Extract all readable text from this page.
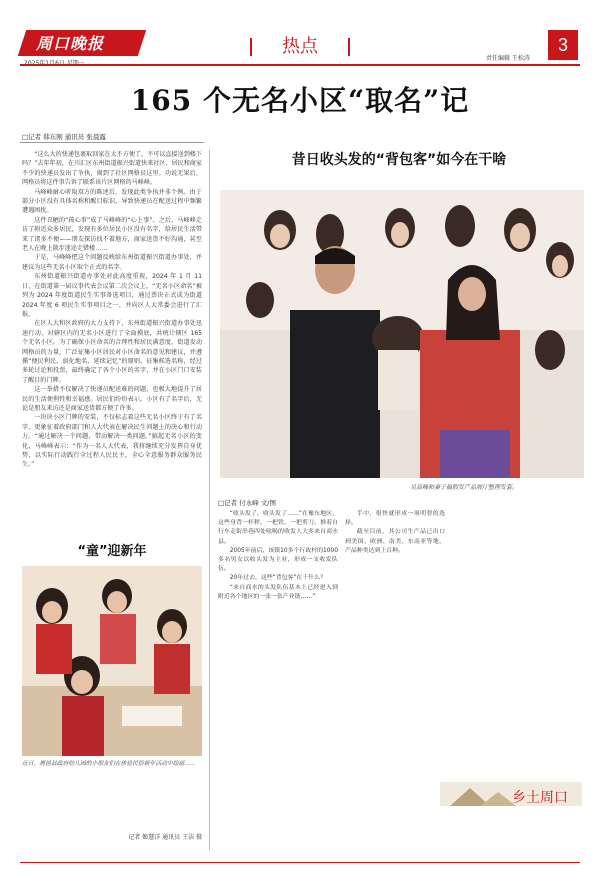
周口晚报	热点
责任编辑 王松涛
3
165 个无名小区“取名”记
□记者 韩东刚 通讯员 张晨露

“这么大的快递包裹取回家在太不方便了，不可以直接送到楼下吗？”去年年初，在川汇区东州街道振兴街道快来社区，居民和商家不少的快递员发出了争执，闹到了社区网格员这里。功说无果后，网格员将这件事告诉了联系该片区网格的马峰峰。

马峰峰耐心听取双方的陈述后，发现此类争执并非个例。由于部分小区没有具体名称和醒目标识，导致快递员在配送过程中频繁遭遇困扰。

这件丑陋的“疏心事”成了马峰峰的“心上事”。之后，马峰峰走访了附近众多居民，发现有多位居民小区没有名字，给居民生活带来了诸多不便——朋友探访找不着地方，商家送货不好沟通，甚至老人在晚上散步迷途走错楼……

于是，马峰峰把这个问题反映给东州街道振兴街道办事处，并建议为这些无名小区取个正式的名字。

东州街道振兴街道办事处对此高度重视，2024 年 1 月 11 日，在街道第一届议事代表会议第二次会议上，“无名小区命名”被列为 2024 年度街道民生实事备选项目，通过票决正式成为街道 2024 年度 6 项民生实事项目之一，并向区人大常委会进行了汇报。

在区人大和区政府的大力支持下，东州街道振兴街道办事处迅速行动，对辖区内的无名小区进行了全面摸底，共统计辖区 165 个无名小区。为了确保小区命名的合理性和居民满意度，街道发动网格员的力量，广泛征集小区居民对小区命名的意见和建议，并遵循“便民利民、弱化地名、延续记忆”的原则，征集候选名称，经过多轮讨论和投票，最终确定了各个小区的名字，并在小区门口安装了醒目的门牌。

这一举措不仅解决了快递员配送难的问题，也极大地提升了居民的生活便利性和幸福感。居民们纷纷表示，小区有了名字后，无论是朋友来访还是商家送货都方便了许多。

一块块小区门牌的安装，不仅标志着这些无名小区终于有了名字，更象征着政府部门和人大代表在解决民生问题上的决心和行动力。“通过解决一个问题，带动解决一类问题。”搞起无名小区的变化，马峰峰表示：“作为一名人大代表，我将继续充分发挥自身优势，以实际行动践行全过程人民民主，全心全意服务群众服务民生。”

昔日收头发的“背包客”如今在干啥
吴高峰和妻子搞假发产品展厅整理发套。
“童”迎新年
近日，鹿邑县政府幼儿园的小朋友们在体验民俗新年活动中绘画……
记者 姬慧洋 通讯员 王洁 摄
□记者 付永峰 文/图

“收头发了，收头发了……”在豫东地区，这些身背一杆秤、一把铁、一把剪刀，推着自行车走街串巷四处吆喝的收发人大多来自商水县。

2005年前后，该镇10多个行政村的1000多名男女以收头发为主业，形成一支收发队伍。

20年过去，这些“背包客”在干什么？

“来自商水的头发队伍基本上已经进入到附近各个地区的一张一张产业链……”

手中，很快就形成一项明智的选择。

截至目前，其公司生产品已出口到美国、欧洲、南美、东南亚等地，产品种类达到上百种。

乡土周口
